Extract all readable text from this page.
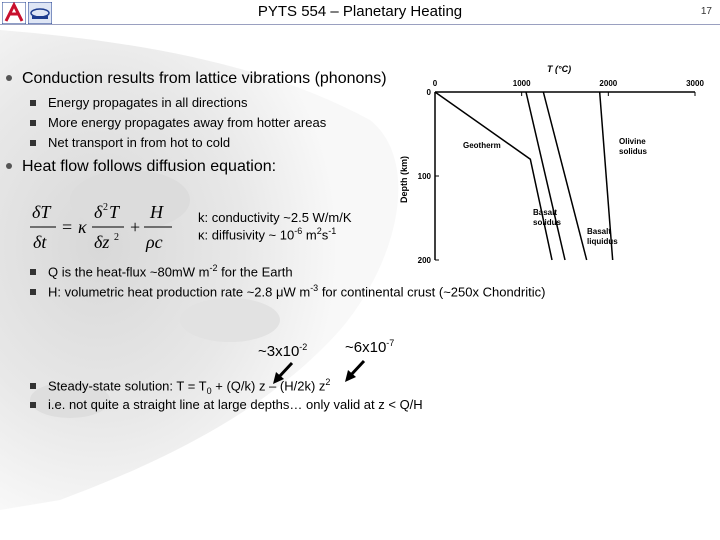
PYTS 554 – Planetary Heating	17
Conduction results from lattice vibrations (phonons)
Energy propagates in all directions
More energy propagates away from hotter areas
Net transport in from hot to cold
Heat flow follows diffusion equation:
δT
δt
= κ
δ 2 T
δz 2
+
H
ρc
k: conductivity ~2.5 W/m/K
κ: diffusivity ~ $10^{-6}$ $m^2s^{-1}$
Q is the heat-flux ~80mW $m^{-2}$ for the Earth
H: volumetric heat production rate ~2.8 μW $m^{-3}$ for continental crust (~250x Chondritic)
$\sim 3x10^{-2}$	$\sim 6x10^{-7}$
Steady-state solution: $T = T_0 + (Q/k)$ z – (H/2k) $z^2$
i.e. not quite a straight line at large depths… only valid at z < Q/H
T (°C)
Depth (km)
0	1000	2000	3000
0
100
200
Geotherm	Olivine
solidus
Basalt
solidus
Basalt
liquidus
